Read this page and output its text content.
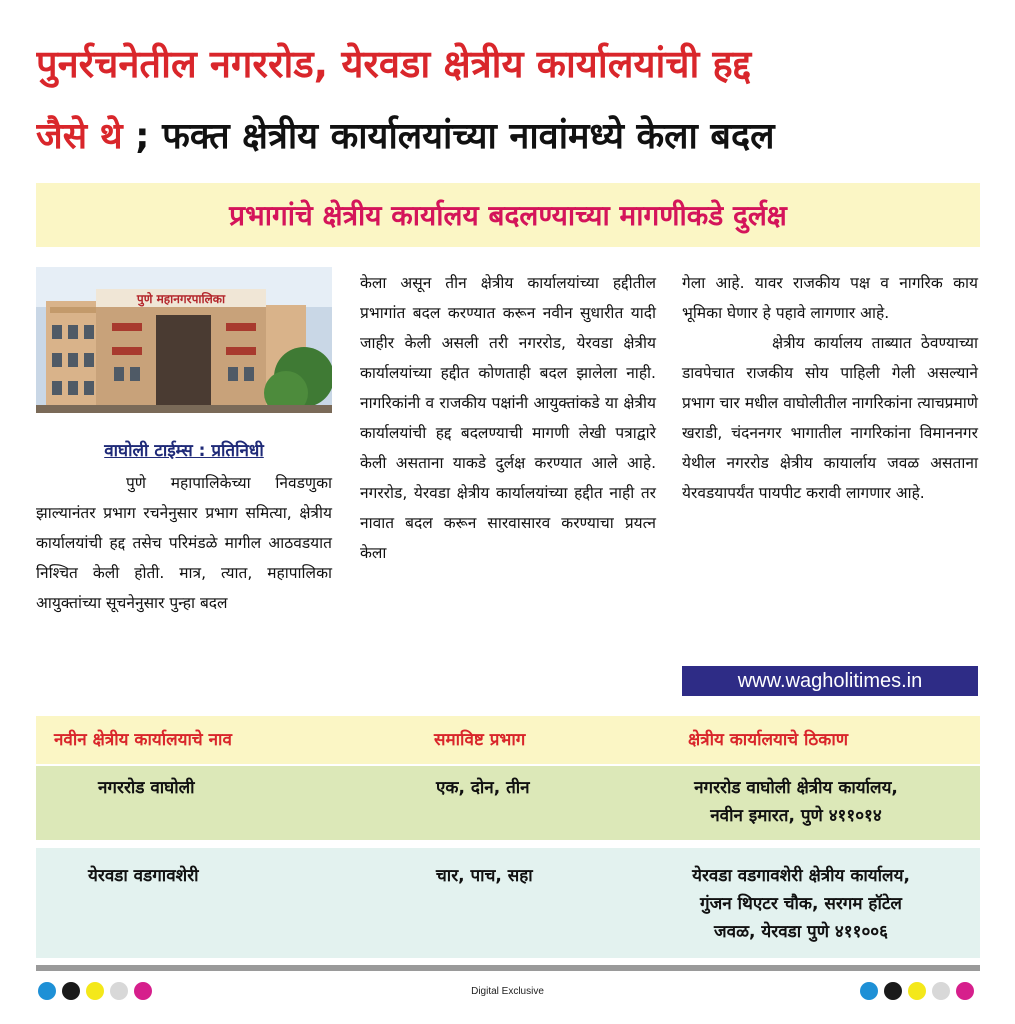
पुनर्रचनेतील नगररोड, येरवडा क्षेत्रीय कार्यालयांची हद्द
जैसे थे ; फक्त क्षेत्रीय कार्यालयांच्या नावांमध्ये केला बदल
प्रभागांचे क्षेत्रीय कार्यालय बदलण्याच्या मागणीकडे दुर्लक्ष
पुणे महानगरपालिका
वाघोली टाईम्स : प्रतिनिधी

पुणे महापालिकेच्या निवडणुका झाल्यानंतर प्रभाग रचनेनुसार प्रभाग समित्या, क्षेत्रीय कार्यालयांची हद्द तसेच परिमंडळे मागील आठवडयात निश्चित केली होती. मात्र, त्यात, महापालिका आयुक्तांच्या सूचनेनुसार पुन्हा बदल

केला असून तीन क्षेत्रीय कार्यालयांच्या हद्दीतील प्रभागांत बदल करण्यात करून नवीन सुधारीत यादी जाहीर केली असली तरी नगररोड, येरवडा क्षेत्रीय कार्यालयांच्या हद्दीत कोणताही बदल झालेला नाही. नागरिकांनी व राजकीय पक्षांनी आयुक्तांकडे या क्षेत्रीय कार्यालयांची हद्द बदलण्याची मागणी लेखी पत्राद्वारे केली असताना याकडे दुर्लक्ष करण्यात आले आहे. नगररोड, येरवडा क्षेत्रीय कार्यालयांच्या हद्दीत नाही तर नावात बदल करून सारवासारव करण्याचा प्रयत्न केला

गेला आहे. यावर राजकीय पक्ष व नागरिक काय भूमिका घेणार हे पहावे लागणार आहे.

क्षेत्रीय कार्यालय ताब्यात ठेवण्याच्या डावपेचात राजकीय सोय पाहिली गेली असल्याने प्रभाग चार मधील वाघोलीतील नागरिकांना त्याचप्रमाणे खराडी, चंदननगर भागातील नागरिकांना विमाननगर येथील नगररोड क्षेत्रीय कायार्लाय जवळ असताना येरवडयापर्यंत पायपीट करावी लागणार आहे.

www.wagholitimes.in
नवीन क्षेत्रीय कार्यालयाचे नाव	समाविष्ट प्रभाग	क्षेत्रीय कार्यालयाचे ठिकाण
नगररोड वाघोली	एक, दोन, तीन	नगररोड वाघोली क्षेत्रीय कार्यालय,
नवीन इमारत, पुणे ४११०१४
येरवडा वडगावशेरी	चार, पाच, सहा	येरवडा वडगावशेरी क्षेत्रीय कार्यालय,
गुंजन थिएटर चौक, सरगम हॉटेल
जवळ, येरवडा पुणे ४११००६
Digital Exclusive
